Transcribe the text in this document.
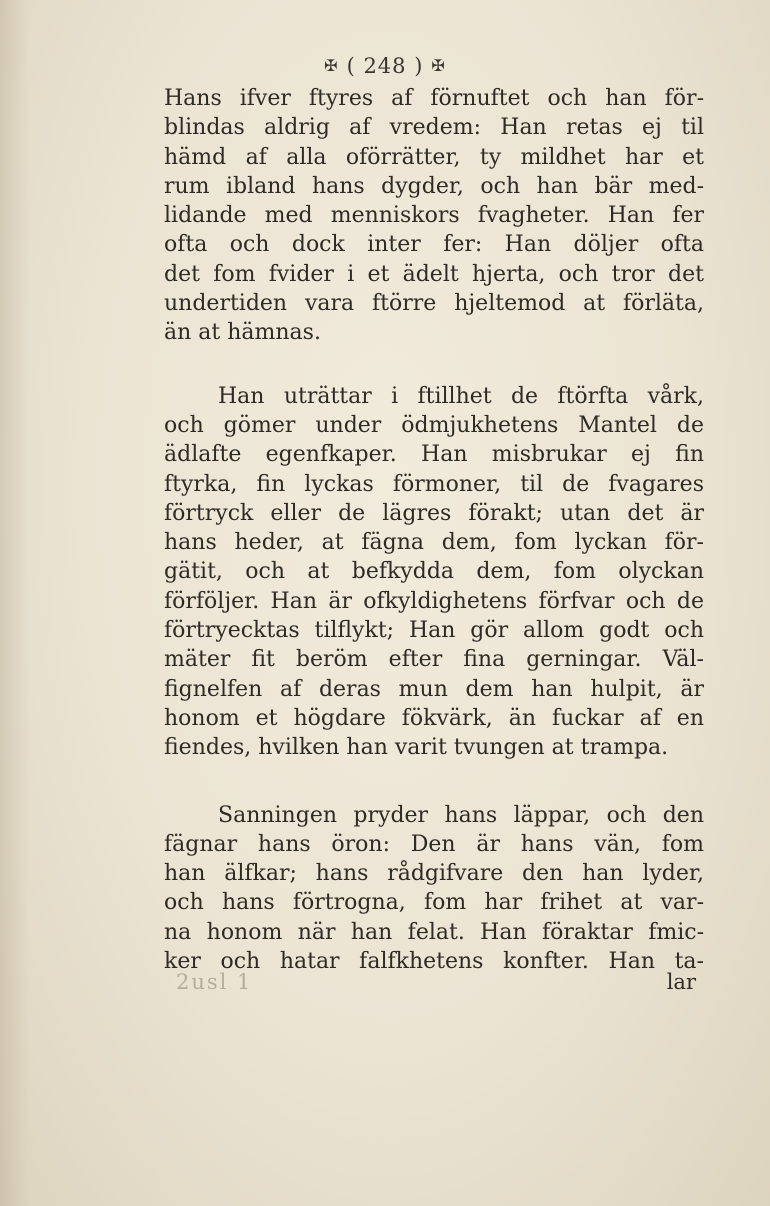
✠ ( 248 ) ✠
Hans ifver ftyres af förnuftet och han för-
blindas aldrig af vredem: Han retas ej til
hämd af alla oförrätter, ty mildhet har et
rum ibland hans dygder, och han bär med-
lidande med menniskors fvagheter. Han fer
ofta och dock inter fer: Han döljer ofta
det fom fvider i et ädelt hjerta, och tror det
undertiden vara ftörre hjeltemod at förläta,
än at hämnas.
Han uträttar i ftillhet de ftörfta vårk,
och gömer under ödmjukhetens Mantel de
ädlafte egenfkaper. Han misbrukar ej fin
ftyrka, fin lyckas förmoner, til de fvagares
förtryck eller de lägres förakt; utan det är
hans heder, at fägna dem, fom lyckan för-
gätit, och at befkydda dem, fom olyckan
förföljer. Han är ofkyldighetens förfvar och de
förtryecktas tilflykt; Han gör allom godt och
mäter fit beröm efter fina gerningar. Väl-
fignelfen af deras mun dem han hulpit, är
honom et högdare fökvärk, än fuckar af en
fiendes, hvilken han varit tvungen at trampa.
Sanningen pryder hans läppar, och den
fägnar hans öron: Den är hans vän, fom
han älfkar; hans rådgifvare den han lyder,
och hans förtrogna, fom har frihet at var-
na honom när han felat. Han föraktar fmic-
ker och hatar falfkhetens konfter. Han ta-
2usl 1	lar
